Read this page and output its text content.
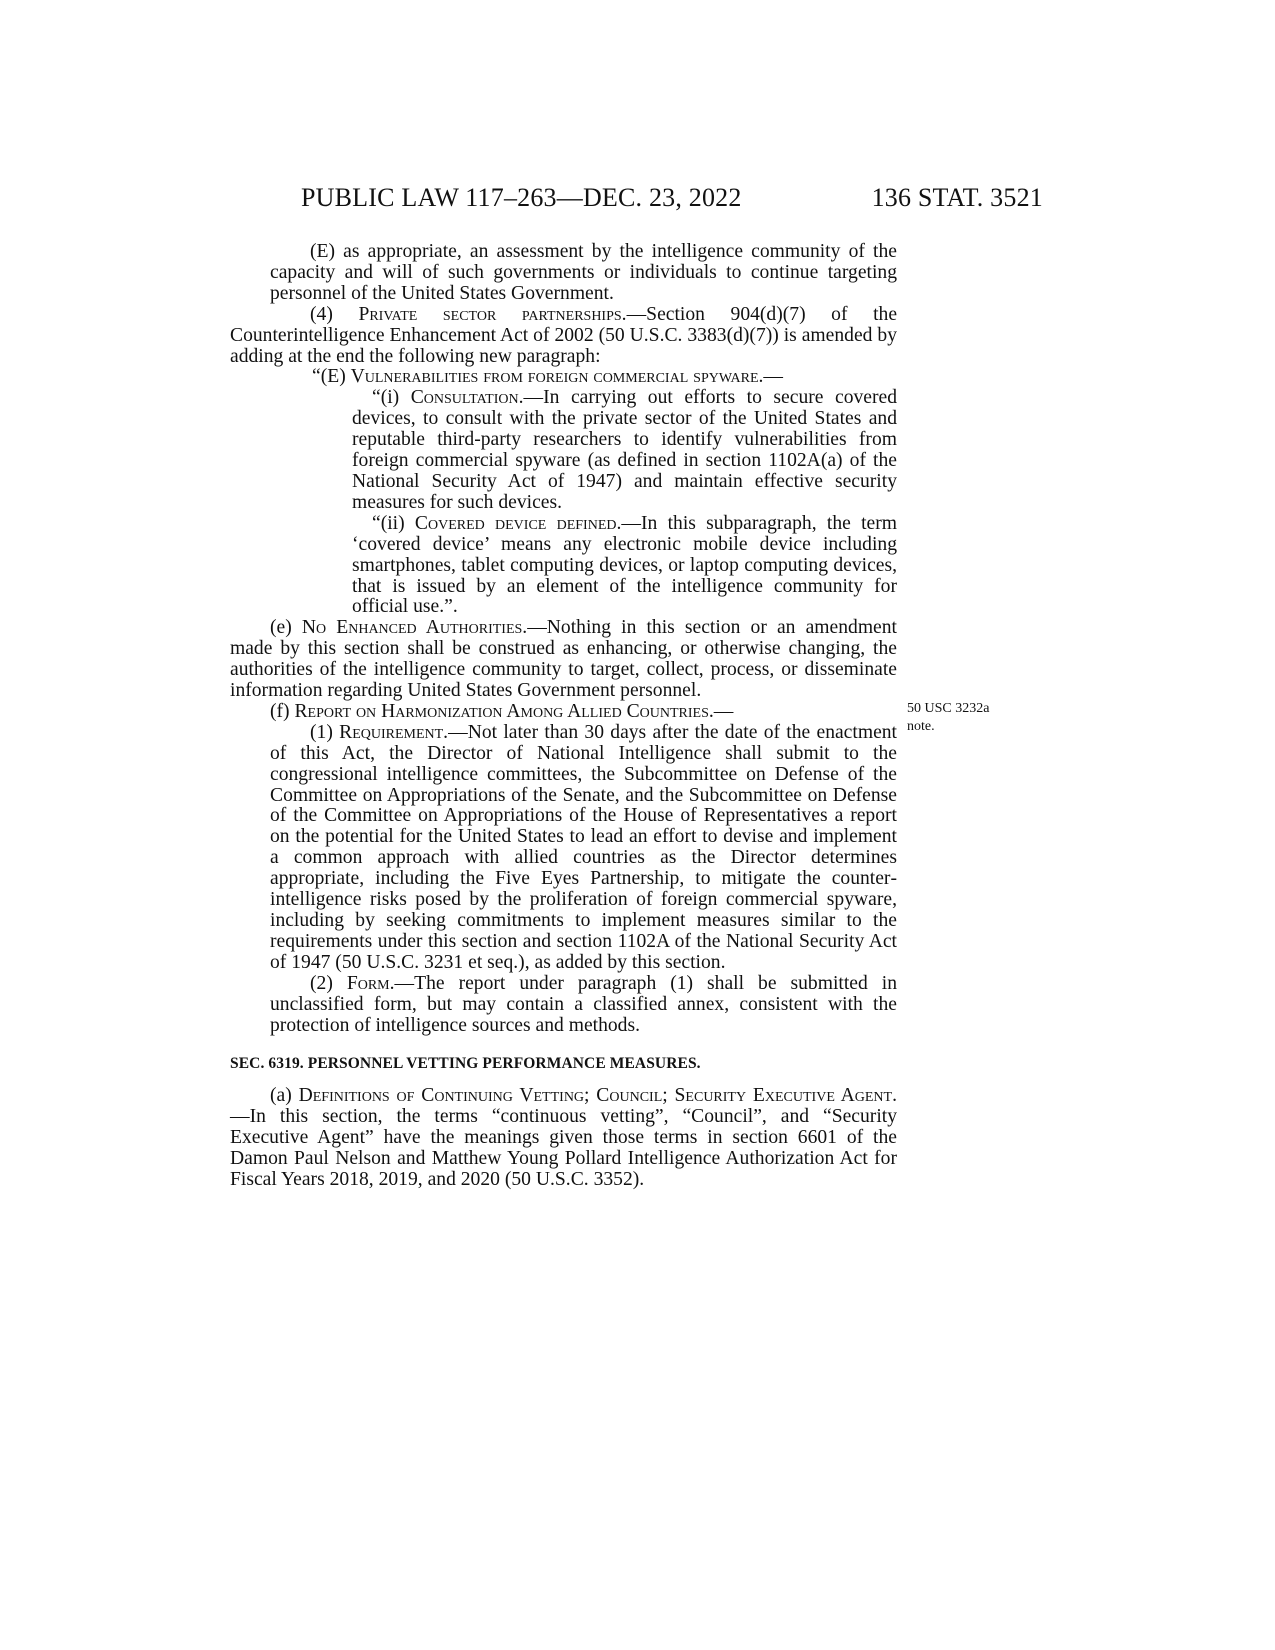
PUBLIC LAW 117–263—DEC. 23, 2022	136 STAT. 3521
50 USC 3232a
note.

(E) as appropriate, an assessment by the intelligence community of the capacity and will of such governments or individuals to continue targeting personnel of the United States Government.

(4) Private sector partnerships.—Section 904(d)(7) of the Counterintelligence Enhancement Act of 2002 (50 U.S.C. 3383(d)(7)) is amended by adding at the end the following new paragraph:

“(E) Vulnerabilities from foreign commercial spyware.—

“(i) Consultation.—In carrying out efforts to secure covered devices, to consult with the private sector of the United States and reputable third-party researchers to identify vulnerabilities from foreign commercial spyware (as defined in section 1102A(a) of the National Security Act of 1947) and maintain effective security measures for such devices.

“(ii) Covered device defined.—In this subparagraph, the term ‘covered device’ means any electronic mobile device including smartphones, tablet computing devices, or laptop computing devices, that is issued by an element of the intelligence community for official use.”.

(e) No Enhanced Authorities.—Nothing in this section or an amendment made by this section shall be construed as enhancing, or otherwise changing, the authorities of the intelligence community to target, collect, process, or disseminate information regarding United States Government personnel.

(f) Report on Harmonization Among Allied Countries.—

(1) Requirement.—Not later than 30 days after the date of the enactment of this Act, the Director of National Intelligence shall submit to the congressional intelligence committees, the Subcommittee on Defense of the Committee on Appropriations of the Senate, and the Subcommittee on Defense of the Committee on Appropriations of the House of Representatives a report on the potential for the United States to lead an effort to devise and implement a common approach with allied countries as the Director determines appropriate, including the Five Eyes Partnership, to mitigate the counterintelligence risks posed by the proliferation of foreign commercial spyware, including by seeking commitments to implement measures similar to the requirements under this section and section 1102A of the National Security Act of 1947 (50 U.S.C. 3231 et seq.), as added by this section.

(2) Form.—The report under paragraph (1) shall be submitted in unclassified form, but may contain a classified annex, consistent with the protection of intelligence sources and methods.

SEC. 6319. PERSONNEL VETTING PERFORMANCE MEASURES.

(a) Definitions of Continuing Vetting; Council; Security Executive Agent.—In this section, the terms “continuous vetting”, “Council”, and “Security Executive Agent” have the meanings given those terms in section 6601 of the Damon Paul Nelson and Matthew Young Pollard Intelligence Authorization Act for Fiscal Years 2018, 2019, and 2020 (50 U.S.C. 3352).
